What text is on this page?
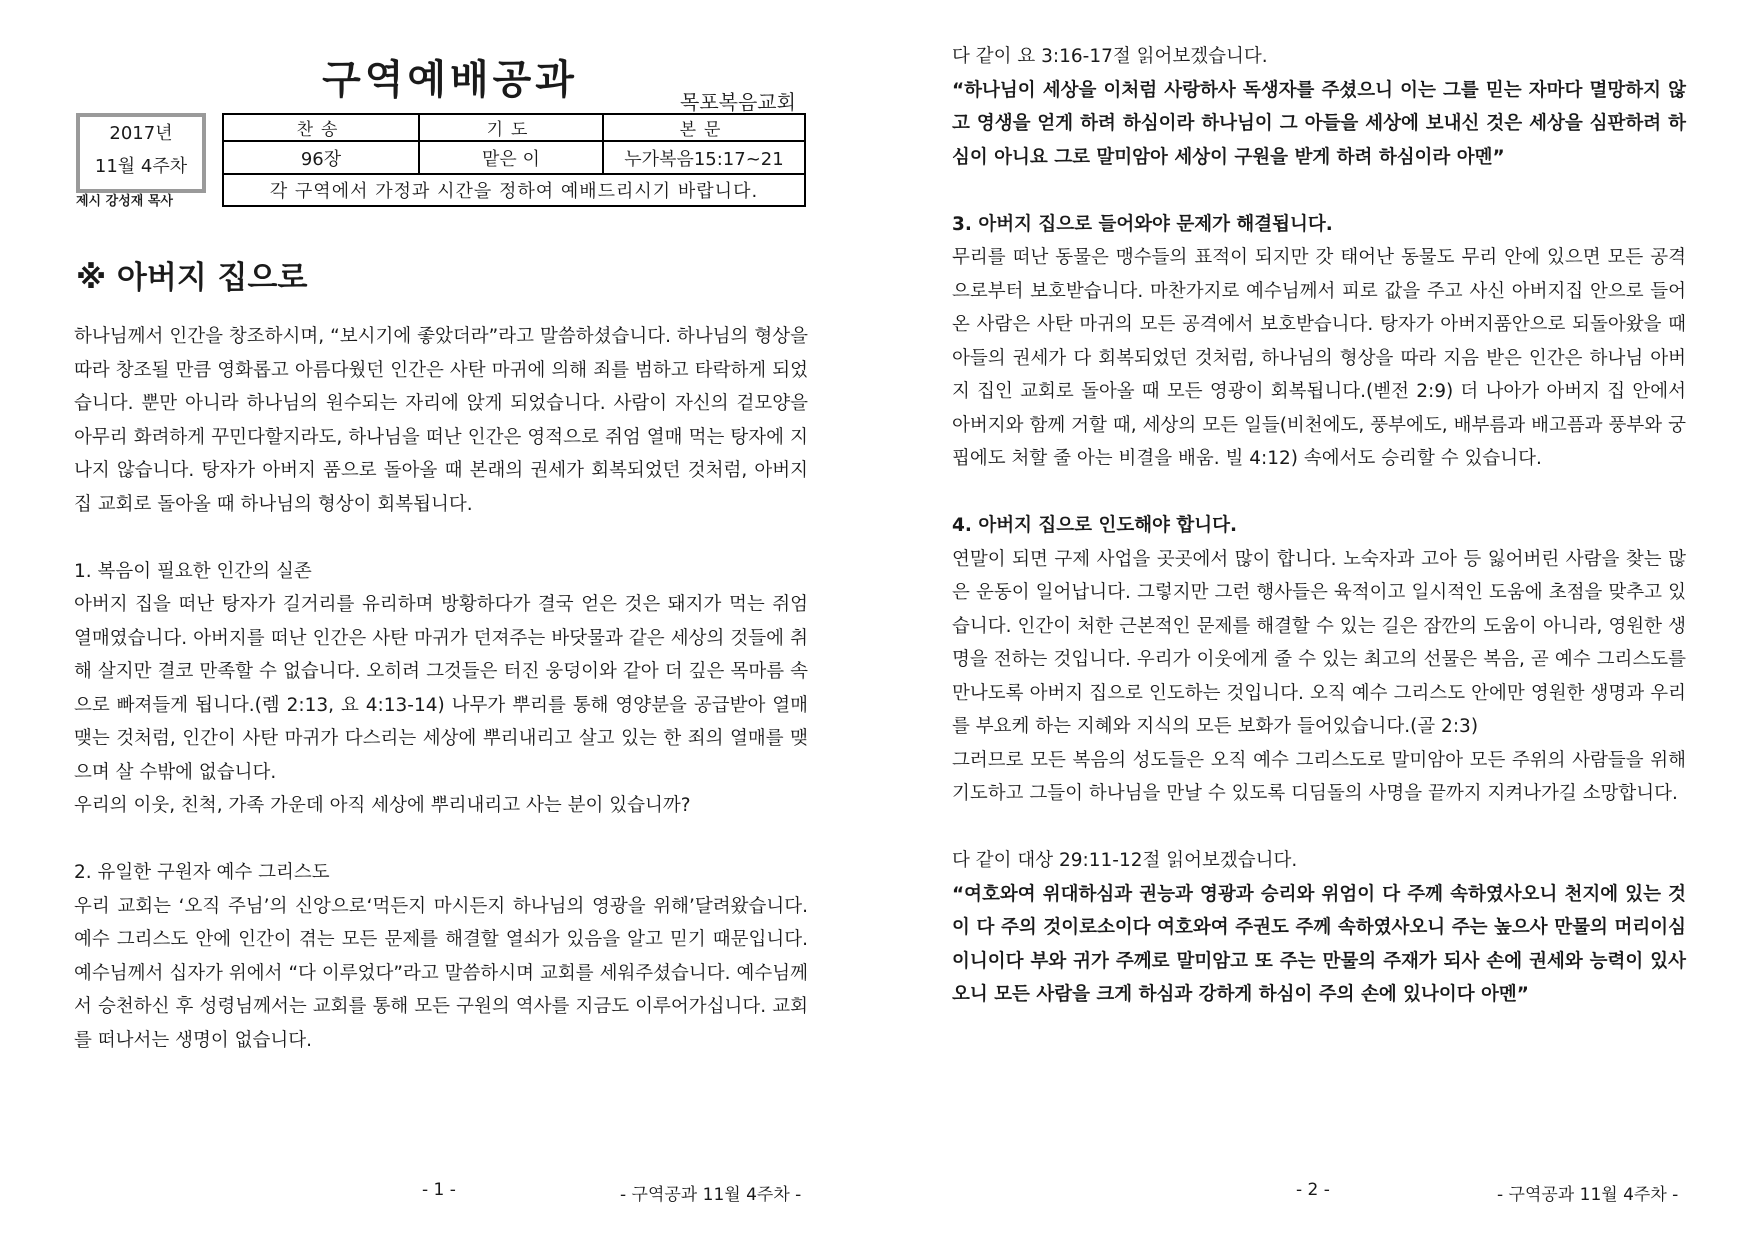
구역예배공과	목포복음교회
2017년
11월 4주차
제시 강성재 목사
찬송	기도	본문
96장	맡은 이	누가복음15:17~21
각 구역에서 가정과 시간을 정하여 예배드리시기 바랍니다.		
※ 아버지 집으로

하나님께서 인간을 창조하시며, “보시기에 좋았더라”라고 말씀하셨습니다. 하나님의 형상을 따라 창조될 만큼 영화롭고 아름다웠던 인간은 사탄 마귀에 의해 죄를 범하고 타락하게 되었습니다. 뿐만 아니라 하나님의 원수되는 자리에 앉게 되었습니다. 사람이 자신의 겉모양을 아무리 화려하게 꾸민다할지라도, 하나님을 떠난 인간은 영적으로 쥐엄 열매 먹는 탕자에 지나지 않습니다. 탕자가 아버지 품으로 돌아올 때 본래의 권세가 회복되었던 것처럼, 아버지 집 교회로 돌아올 때 하나님의 형상이 회복됩니다.

1. 복음이 필요한 인간의 실존

아버지 집을 떠난 탕자가 길거리를 유리하며 방황하다가 결국 얻은 것은 돼지가 먹는 쥐엄 열매였습니다. 아버지를 떠난 인간은 사탄 마귀가 던져주는 바닷물과 같은 세상의 것들에 취해 살지만 결코 만족할 수 없습니다. 오히려 그것들은 터진 웅덩이와 같아 더 깊은 목마름 속으로 빠져들게 됩니다.(렘 2:13, 요 4:13-14) 나무가 뿌리를 통해 영양분을 공급받아 열매 맺는 것처럼, 인간이 사탄 마귀가 다스리는 세상에 뿌리내리고 살고 있는 한 죄의 열매를 맺으며 살 수밖에 없습니다.

우리의 이웃, 친척, 가족 가운데 아직 세상에 뿌리내리고 사는 분이 있습니까?

2. 유일한 구원자 예수 그리스도

우리 교회는 ‘오직 주님’의 신앙으로‘먹든지 마시든지 하나님의 영광을 위해’달려왔습니다. 예수 그리스도 안에 인간이 겪는 모든 문제를 해결할 열쇠가 있음을 알고 믿기 때문입니다. 예수님께서 십자가 위에서 “다 이루었다”라고 말씀하시며 교회를 세워주셨습니다. 예수님께서 승천하신 후 성령님께서는 교회를 통해 모든 구원의 역사를 지금도 이루어가십니다. 교회를 떠나서는 생명이 없습니다.

- 1 -	- 구역공과 11월 4주차 -

다 같이 요 3:16-17절 읽어보겠습니다.

“하나님이 세상을 이처럼 사랑하사 독생자를 주셨으니 이는 그를 믿는 자마다 멸망하지 않고 영생을 얻게 하려 하심이라 하나님이 그 아들을 세상에 보내신 것은 세상을 심판하려 하심이 아니요 그로 말미암아 세상이 구원을 받게 하려 하심이라 아멘”

3. 아버지 집으로 들어와야 문제가 해결됩니다.

무리를 떠난 동물은 맹수들의 표적이 되지만 갓 태어난 동물도 무리 안에 있으면 모든 공격으로부터 보호받습니다. 마찬가지로 예수님께서 피로 값을 주고 사신 아버지집 안으로 들어온 사람은 사탄 마귀의 모든 공격에서 보호받습니다. 탕자가 아버지품안으로 되돌아왔을 때 아들의 권세가 다 회복되었던 것처럼, 하나님의 형상을 따라 지음 받은 인간은 하나님 아버지 집인 교회로 돌아올 때 모든 영광이 회복됩니다.(벧전 2:9) 더 나아가 아버지 집 안에서 아버지와 함께 거할 때, 세상의 모든 일들(비천에도, 풍부에도, 배부름과 배고픔과 풍부와 궁핍에도 처할 줄 아는 비결을 배움. 빌 4:12) 속에서도 승리할 수 있습니다.

4. 아버지 집으로 인도해야 합니다.

연말이 되면 구제 사업을 곳곳에서 많이 합니다. 노숙자과 고아 등 잃어버린 사람을 찾는 많은 운동이 일어납니다. 그렇지만 그런 행사들은 육적이고 일시적인 도움에 초점을 맞추고 있습니다. 인간이 처한 근본적인 문제를 해결할 수 있는 길은 잠깐의 도움이 아니라, 영원한 생명을 전하는 것입니다. 우리가 이웃에게 줄 수 있는 최고의 선물은 복음, 곧 예수 그리스도를 만나도록 아버지 집으로 인도하는 것입니다. 오직 예수 그리스도 안에만 영원한 생명과 우리를 부요케 하는 지혜와 지식의 모든 보화가 들어있습니다.(골 2:3)

그러므로 모든 복음의 성도들은 오직 예수 그리스도로 말미암아 모든 주위의 사람들을 위해 기도하고 그들이 하나님을 만날 수 있도록 디딤돌의 사명을 끝까지 지켜나가길 소망합니다.

다 같이 대상 29:11-12절 읽어보겠습니다.

“여호와여 위대하심과 권능과 영광과 승리와 위엄이 다 주께 속하였사오니 천지에 있는 것이 다 주의 것이로소이다 여호와여 주권도 주께 속하였사오니 주는 높으사 만물의 머리이심이니이다 부와 귀가 주께로 말미암고 또 주는 만물의 주재가 되사 손에 권세와 능력이 있사오니 모든 사람을 크게 하심과 강하게 하심이 주의 손에 있나이다 아멘”

- 2 -	- 구역공과 11월 4주차 -
